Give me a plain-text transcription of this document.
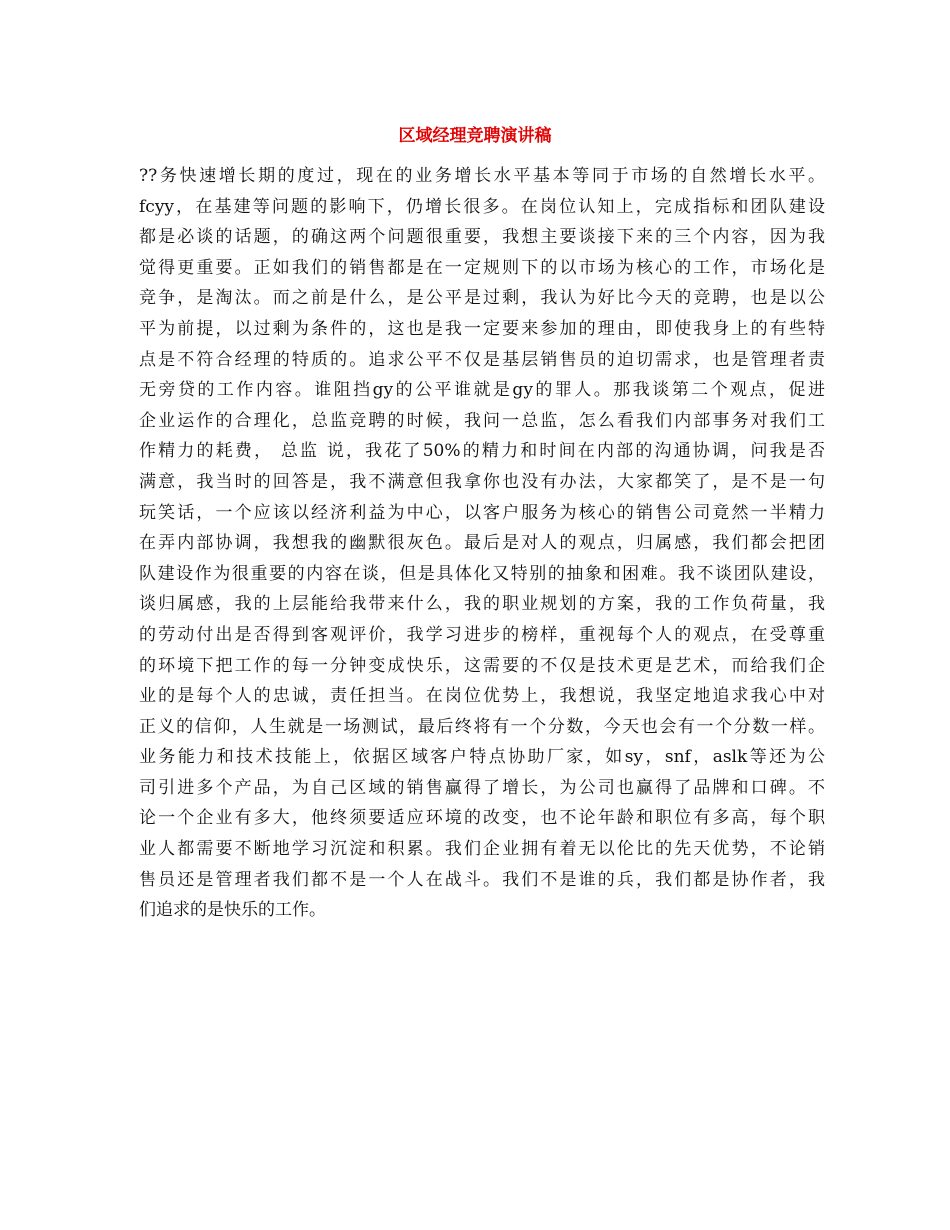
区域经理竞聘演讲稿
??务快速增长期的度过，现在的业务增长水平基本等同于市场的自然增长水平。
fcyy，在基建等问题的影响下，仍增长很多。在岗位认知上，完成指标和团队建设
都是必谈的话题，的确这两个问题很重要，我想主要谈接下来的三个内容，因为我
觉得更重要。正如我们的销售都是在一定规则下的以市场为核心的工作，市场化是
竞争，是淘汰。而之前是什么，是公平是过剩，我认为好比今天的竞聘，也是以公
平为前提，以过剩为条件的，这也是我一定要来参加的理由，即使我身上的有些特
点是不符合经理的特质的。追求公平不仅是基层销售员的迫切需求，也是管理者责
无旁贷的工作内容。谁阻挡gy的公平谁就是gy的罪人。那我谈第二个观点，促进
企业运作的合理化，总监竞聘的时候，我问一总监，怎么看我们内部事务对我们工
作精力的耗费， 总监 说，我花了50%的精力和时间在内部的沟通协调，问我是否
满意，我当时的回答是，我不满意但我拿你也没有办法，大家都笑了，是不是一句
玩笑话，一个应该以经济利益为中心，以客户服务为核心的销售公司竟然一半精力
在弄内部协调，我想我的幽默很灰色。最后是对人的观点，归属感，我们都会把团
队建设作为很重要的内容在谈，但是具体化又特别的抽象和困难。我不谈团队建设，
谈归属感，我的上层能给我带来什么，我的职业规划的方案，我的工作负荷量，我
的劳动付出是否得到客观评价，我学习进步的榜样，重视每个人的观点，在受尊重
的环境下把工作的每一分钟变成快乐，这需要的不仅是技术更是艺术，而给我们企
业的是每个人的忠诚，责任担当。在岗位优势上，我想说，我坚定地追求我心中对
正义的信仰，人生就是一场测试，最后终将有一个分数，今天也会有一个分数一样。
业务能力和技术技能上，依据区域客户特点协助厂家，如sy，snf，aslk等还为公
司引进多个产品，为自己区域的销售赢得了增长，为公司也赢得了品牌和口碑。不
论一个企业有多大，他终须要适应环境的改变，也不论年龄和职位有多高，每个职
业人都需要不断地学习沉淀和积累。我们企业拥有着无以伦比的先天优势，不论销
售员还是管理者我们都不是一个人在战斗。我们不是谁的兵，我们都是协作者，我
们追求的是快乐的工作。
